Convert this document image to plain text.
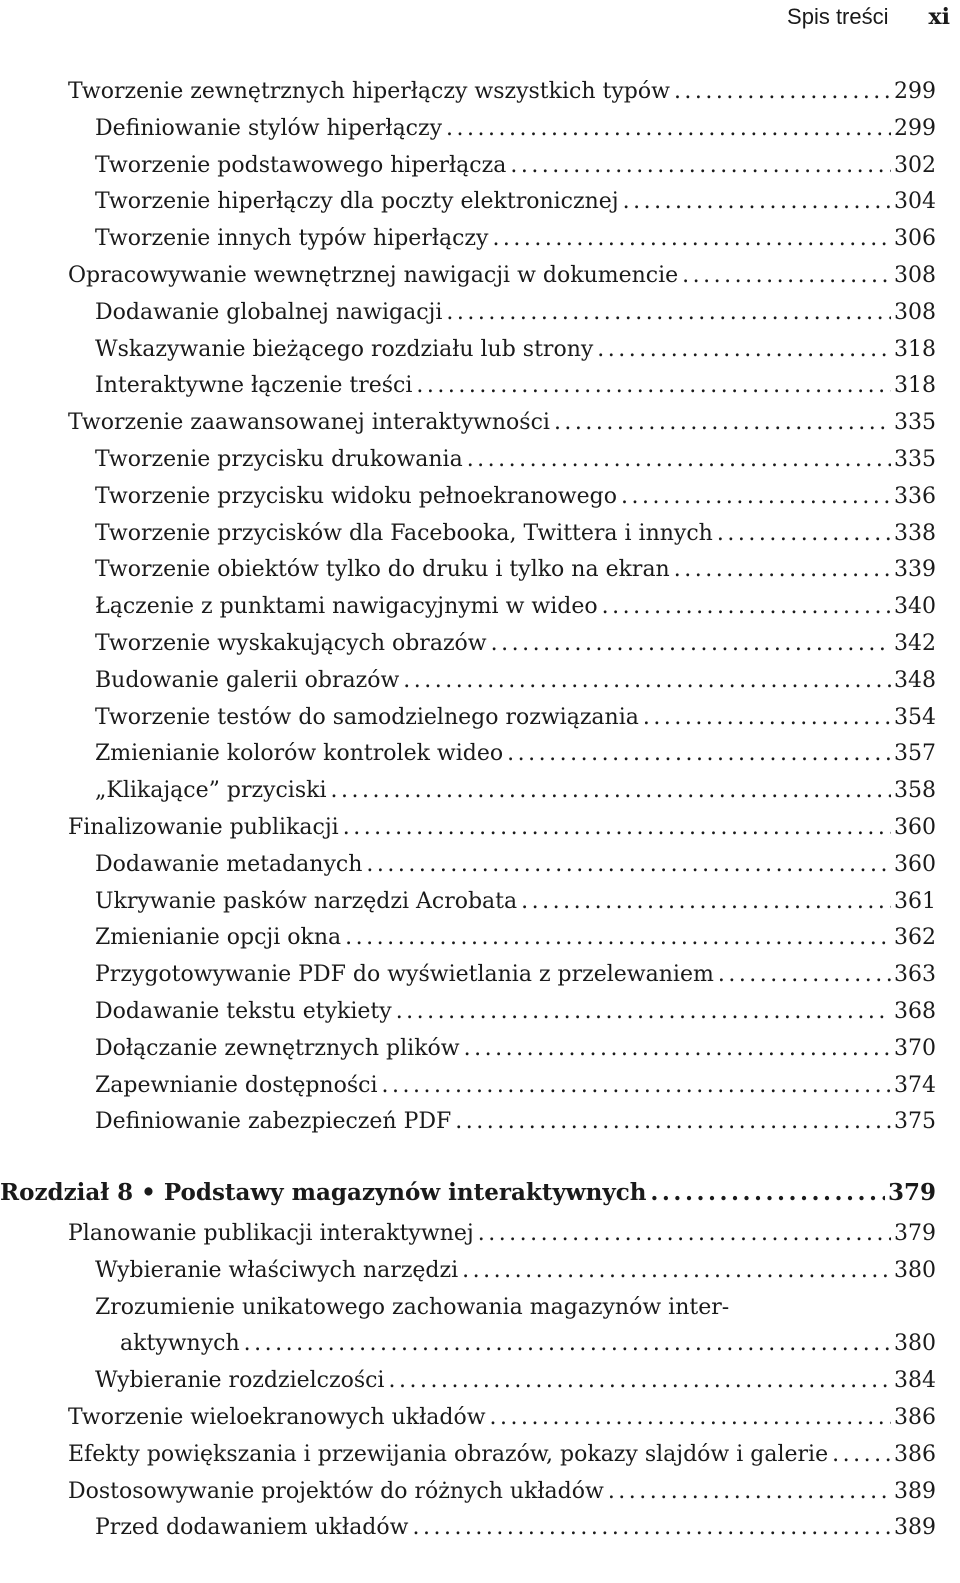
Spis treści xi
Tworzenie zewnętrznych hiperłączy wszystkich typów .....	299
Definiowanie stylów hiperłączy .....	299
Tworzenie podstawowego hiperłącza .....	302
Tworzenie hiperłączy dla poczty elektronicznej .....	304
Tworzenie innych typów hiperłączy .....	306
Opracowywanie wewnętrznej nawigacji w dokumencie .....	308
Dodawanie globalnej nawigacji .....	308
Wskazywanie bieżącego rozdziału lub strony .....	318
Interaktywne łączenie treści .....	318
Tworzenie zaawansowanej interaktywności .....	335
Tworzenie przycisku drukowania .....	335
Tworzenie przycisku widoku pełnoekranowego .....	336
Tworzenie przycisków dla Facebooka, Twittera i innych .....	338
Tworzenie obiektów tylko do druku i tylko na ekran .....	339
Łączenie z punktami nawigacyjnymi w wideo .....	340
Tworzenie wyskakujących obrazów .....	342
Budowanie galerii obrazów .....	348
Tworzenie testów do samodzielnego rozwiązania .....	354
Zmienianie kolorów kontrolek wideo .....	357
„Klikające” przyciski .....	358
Finalizowanie publikacji .....	360
Dodawanie metadanych .....	360
Ukrywanie pasków narzędzi Acrobata .....	361
Zmienianie opcji okna .....	362
Przygotowywanie PDF do wyświetlania z przelewaniem .....	363
Dodawanie tekstu etykiety .....	368
Dołączanie zewnętrznych plików .....	370
Zapewnianie dostępności .....	374
Definiowanie zabezpieczeń PDF .....	375
Rozdział 8 • Podstawy magazynów interaktywnych .....	379
Planowanie publikacji interaktywnej .....	379
Wybieranie właściwych narzędzi .....	380
Zrozumienie unikatowego zachowania magazynów inter-
aktywnych .....	380
Wybieranie rozdzielczości .....	384
Tworzenie wieloekranowych układów .....	386
Efekty powiększania i przewijania obrazów, pokazy slajdów i galerie .....	386
Dostosowywanie projektów do różnych układów .....	389
Przed dodawaniem układów .....	389
